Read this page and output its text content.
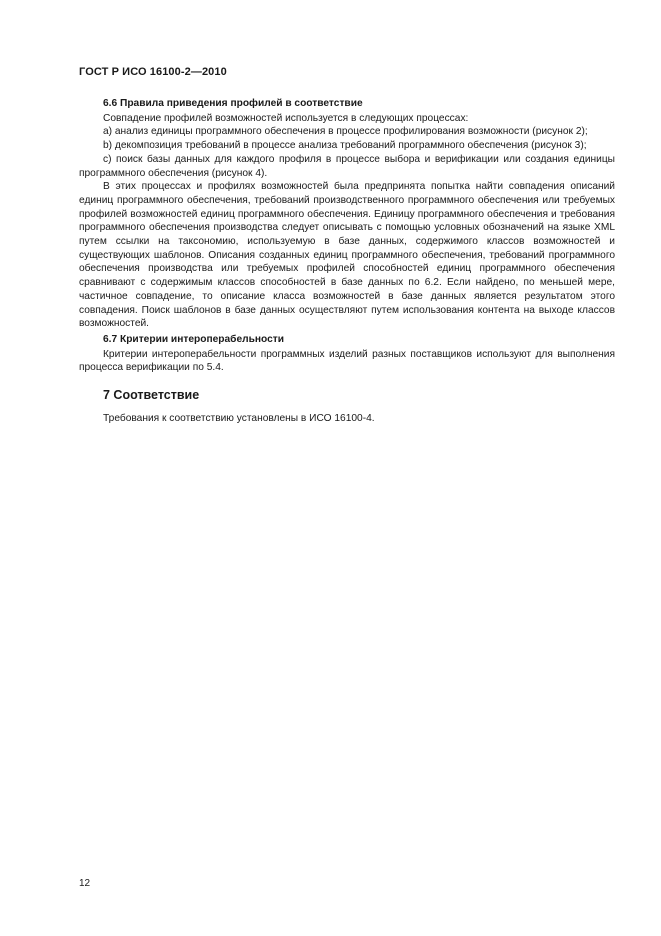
ГОСТ Р ИСО 16100-2—2010
6.6 Правила приведения профилей в соответствие

Совпадение профилей возможностей используется в следующих процессах:

а) анализ единицы программного обеспечения в процессе профилирования возможности (рисунок 2);

b) декомпозиция требований в процессе анализа требований программного обеспечения (рисунок 3);

с) поиск базы данных для каждого профиля в процессе выбора и верификации или создания единицы программного обеспечения (рисунок 4).

В этих процессах и профилях возможностей была предпринята попытка найти совпадения описаний единиц программного обеспечения, требований производственного программного обеспечения или требуемых профилей возможностей единиц программного обеспечения. Единицу программного обеспечения и требования программного обеспечения производства следует описывать с помощью условных обозначений на языке XML путем ссылки на таксономию, используемую в базе данных, содержимого классов возможностей и существующих шаблонов. Описания созданных единиц программного обеспечения, требований программного обеспечения производства или требуемых профилей способностей единиц программного обеспечения сравнивают с содержимым классов способностей в базе данных по 6.2. Если найдено, по меньшей мере, частичное совпадение, то описание класса возможностей в базе данных является результатом этого совпадения. Поиск шаблонов в базе данных осуществляют путем использования контента на выходе классов возможностей.

6.7 Критерии интероперабельности

Критерии интероперабельности программных изделий разных поставщиков используют для выполнения процесса верификации по 5.4.

7 Соответствие

Требования к соответствию установлены в ИСО 16100-4.

12
